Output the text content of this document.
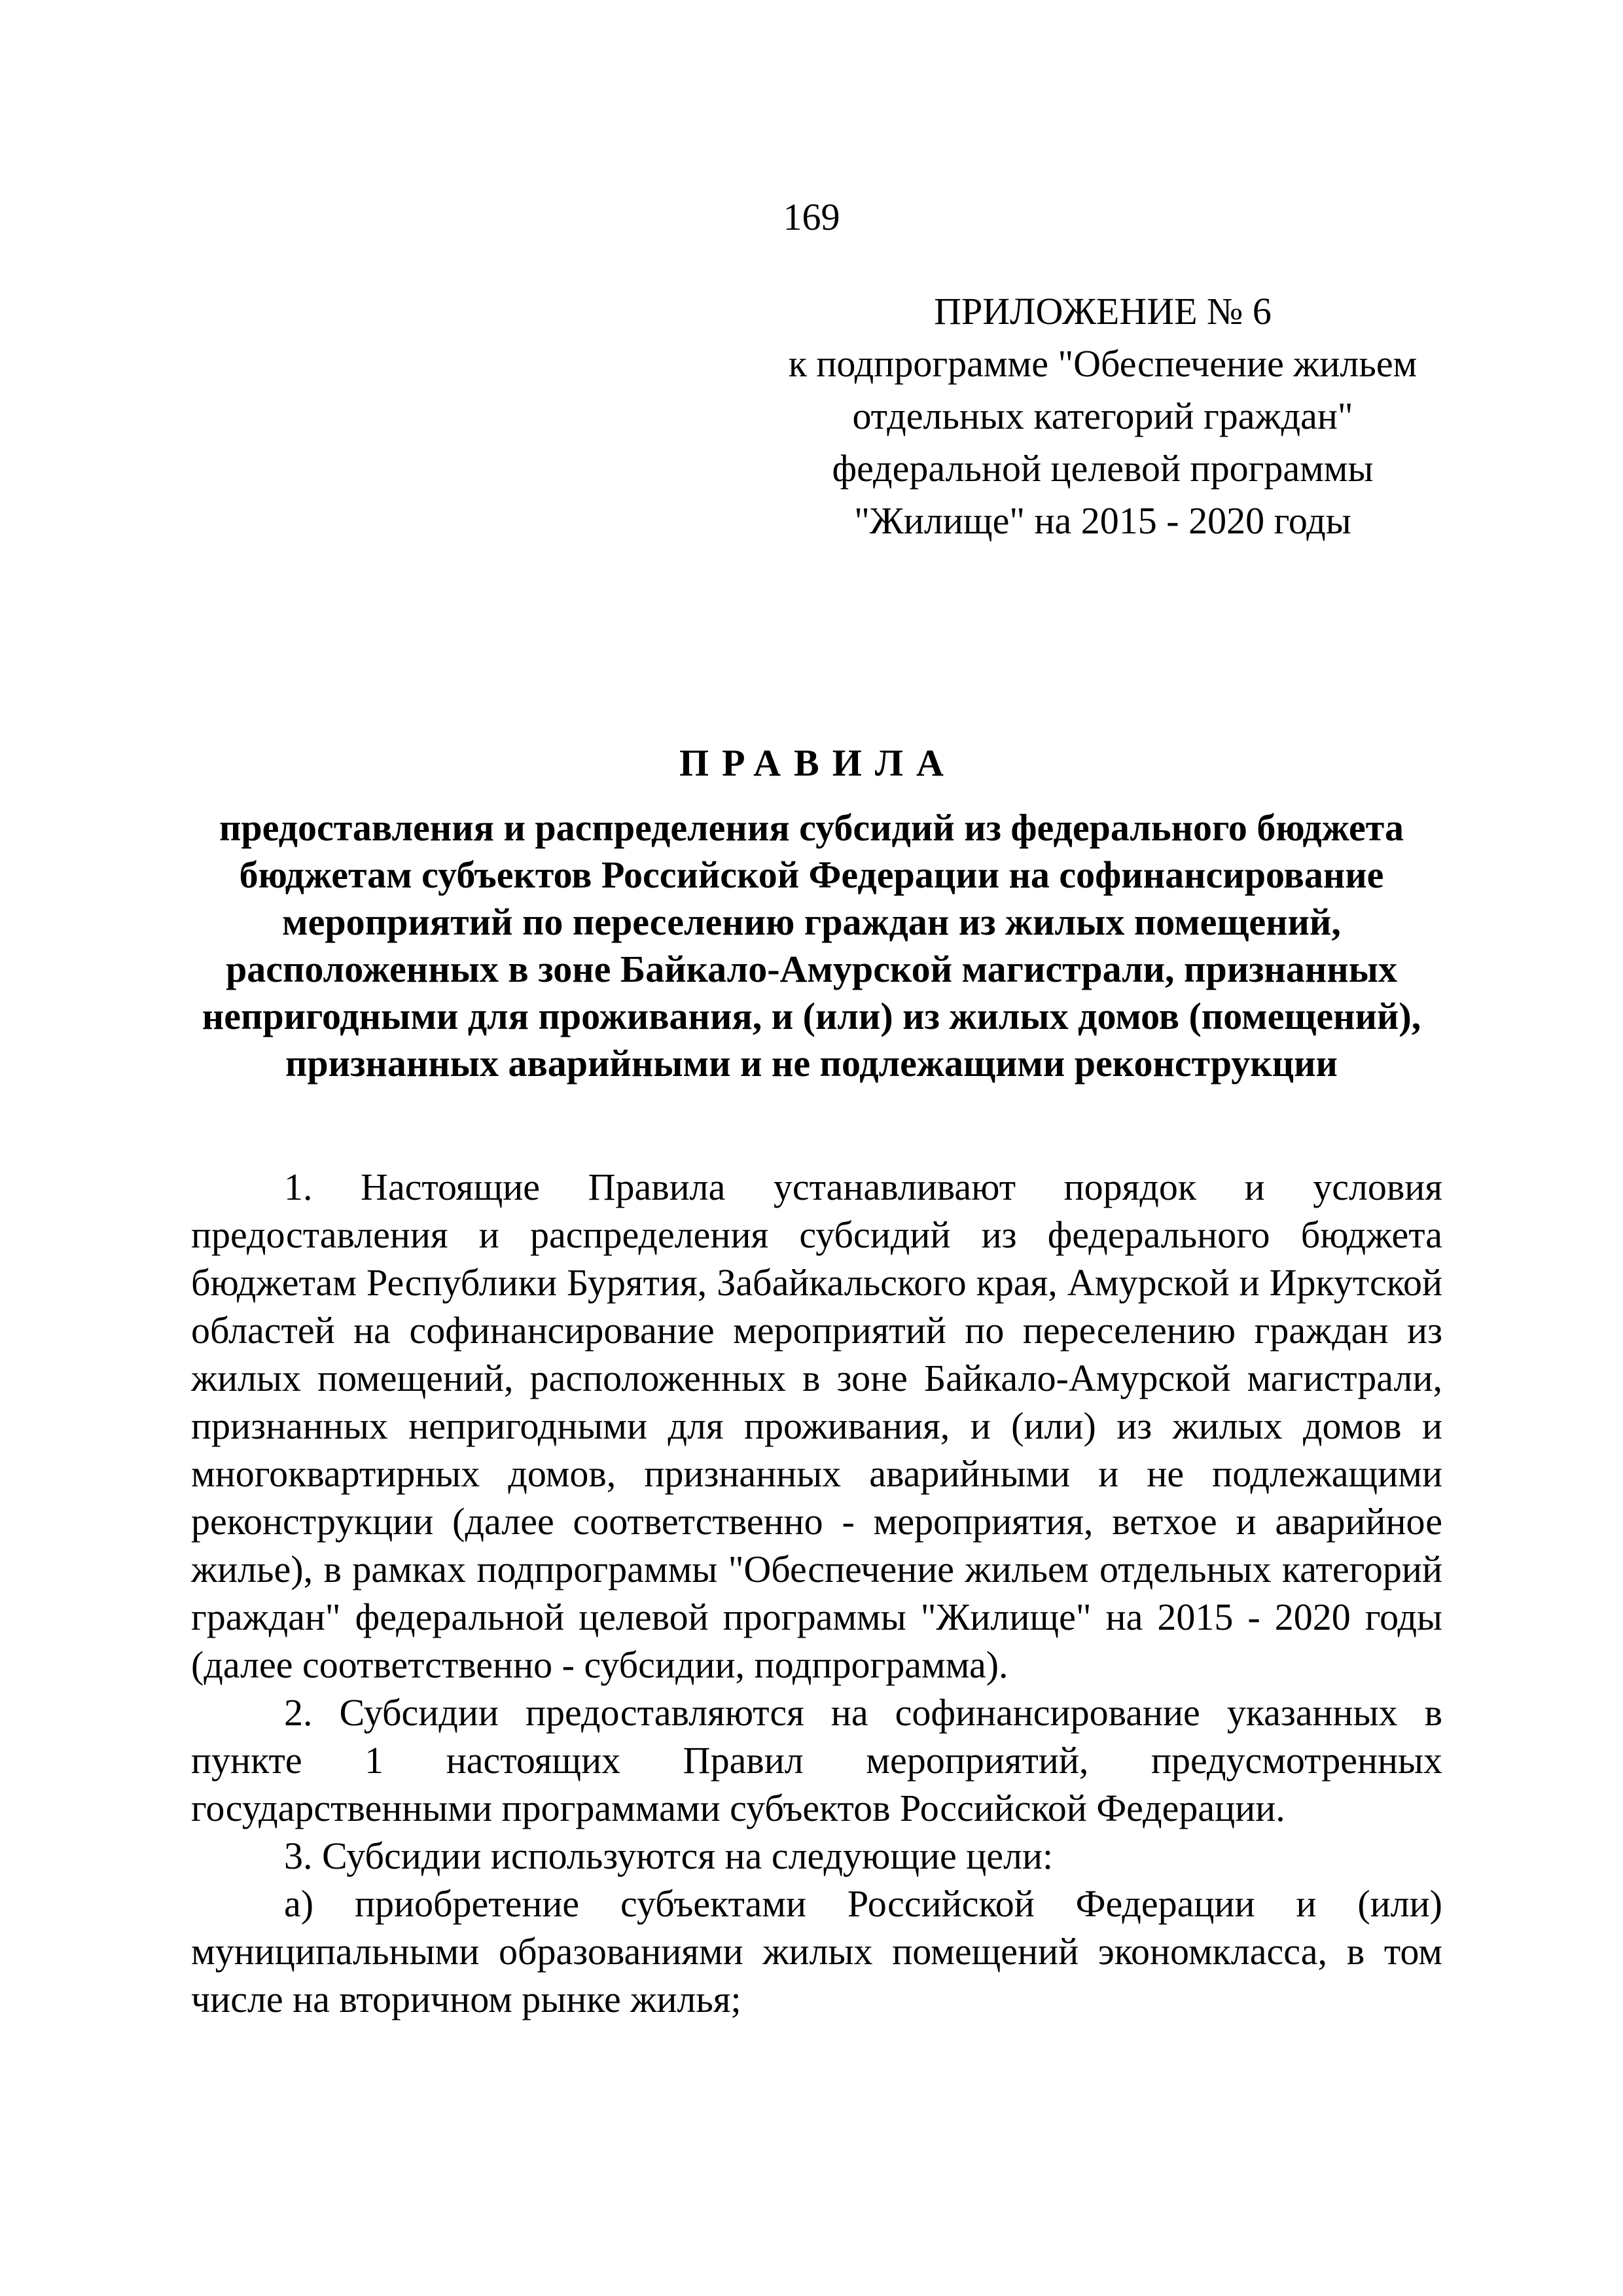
169
ПРИЛОЖЕНИЕ № 6
к подпрограмме "Обеспечение жильем
отдельных категорий граждан"
федеральной целевой программы
"Жилище" на 2015 - 2020 годы
ПРАВИЛА
предоставления и распределения субсидий из федерального бюджета
бюджетам субъектов Российской Федерации на софинансирование
мероприятий по переселению граждан из жилых помещений,
расположенных в зоне Байкало-Амурской магистрали, признанных
непригодными для проживания, и (или) из жилых домов (помещений),
признанных аварийными и не подлежащими реконструкции

1. Настоящие Правила устанавливают порядок и условия предоставления и распределения субсидий из федерального бюджета бюджетам Республики Бурятия, Забайкальского края, Амурской и Иркутской областей на софинансирование мероприятий по переселению граждан из жилых помещений, расположенных в зоне Байкало-Амурской магистрали, признанных непригодными для проживания, и (или) из жилых домов и многоквартирных домов, признанных аварийными и не подлежащими реконструкции (далее соответственно - мероприятия, ветхое и аварийное жилье), в рамках подпрограммы "Обеспечение жильем отдельных категорий граждан" федеральной целевой программы "Жилище" на 2015 - 2020 годы (далее соответственно - субсидии, подпрограмма).

2. Субсидии предоставляются на софинансирование указанных в пункте 1 настоящих Правил мероприятий, предусмотренных государственными программами субъектов Российской Федерации.

3. Субсидии используются на следующие цели:

а) приобретение субъектами Российской Федерации и (или) муниципальными образованиями жилых помещений экономкласса, в том числе на вторичном рынке жилья;
